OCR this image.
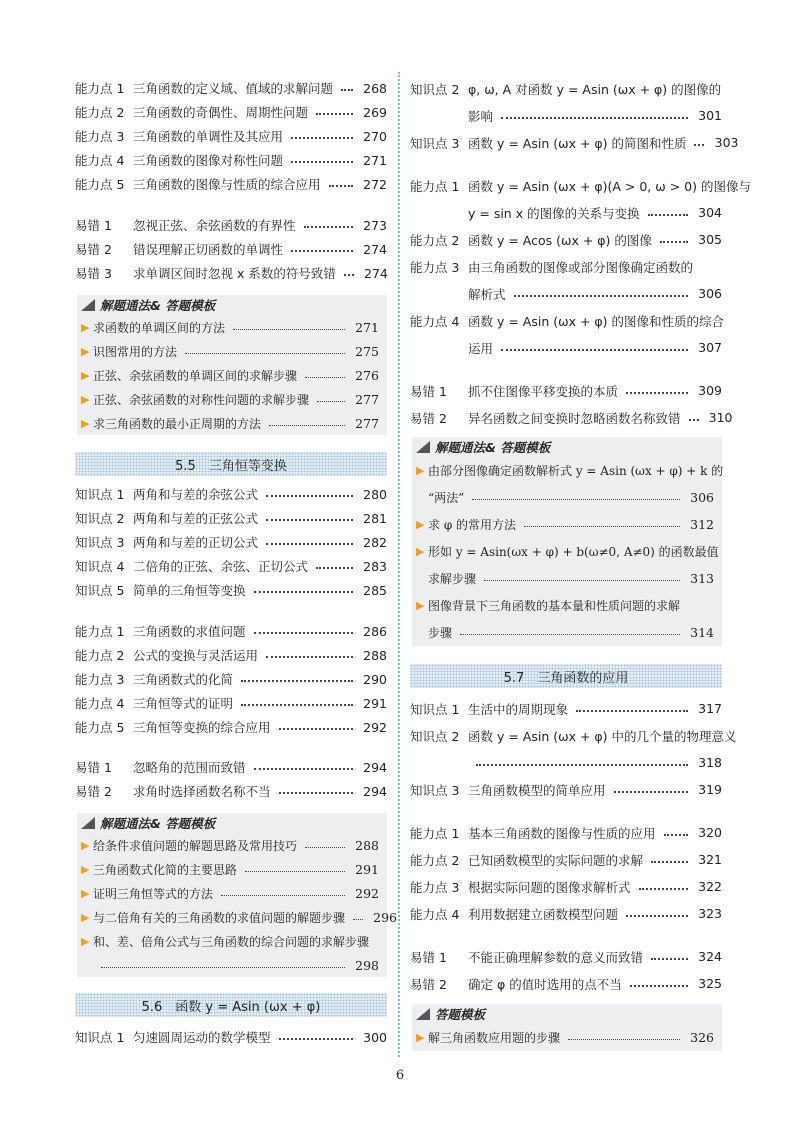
能力点 1 三角函数的定义域、值域的求解问题 268
能力点 2 三角函数的奇偶性、周期性问题	269
能力点 3 三角函数的单调性及其应用	270
能力点 4 三角函数的图像对称性问题	271
能力点 5 三角函数的图像与性质的综合应用	272
易错 1	忽视正弦、余弦函数的有界性	273
易错 2	错误理解正切函数的单调性	274
易错 3	求单调区间时忽视 x 系数的符号致错 274
解题通法& 答题模板
▶ 求函数的单调区间的方法	271
▶ 识图常用的方法	275
▶ 正弦、余弦函数的单调区间的求解步骤	276
▶ 正弦、余弦函数的对称性问题的求解步骤	277
▶ 求三角函数的最小正周期的方法	277
5.5　三角恒等变换
知识点 1 两角和与差的余弦公式	280
知识点 2 两角和与差的正弦公式	281
知识点 3 两角和与差的正切公式	282
知识点 4 二倍角的正弦、余弦、正切公式	283
知识点 5 简单的三角恒等变换	285
能力点 1 三角函数的求值问题	286
能力点 2 公式的变换与灵活运用	288
能力点 3 三角函数式的化简	290
能力点 4 三角恒等式的证明	291
能力点 5 三角恒等变换的综合应用	292
易错 1	忽略角的范围而致错	294
易错 2	求角时选择函数名称不当	294
解题通法& 答题模板
▶ 给条件求值问题的解题思路及常用技巧	288
▶ 三角函数式化简的主要思路	291
▶ 证明三角恒等式的方法	292
▶ 与二倍角有关的三角函数的求值问题的解题步骤 296
▶ 和、差、倍角公式与三角函数的综合问题的求解步骤
298
5.6　函数 y = Asin (ωx + φ)
知识点 1 匀速圆周运动的数学模型	300
知识点 2 φ, ω, A 对函数 y = Asin (ωx + φ) 的图像的
影响	301
知识点 3 函数 y = Asin (ωx + φ) 的简图和性质 303
能力点 1 函数 y = Asin (ωx + φ)(A > 0, ω > 0) 的图像与
y = sin x 的图像的关系与变换	304
能力点 2 函数 y = Acos (ωx + φ) 的图像	305
能力点 3 由三角函数的图像或部分图像确定函数的
解析式	306
能力点 4 函数 y = Asin (ωx + φ) 的图像和性质的综合
运用	307
易错 1	抓不住图像平移变换的本质	309
易错 2	异名函数之间变换时忽略函数名称致错 310
解题通法& 答题模板
▶ 由部分图像确定函数解析式 y = Asin (ωx + φ) + k 的
“两法”	306
▶ 求 φ 的常用方法	312
▶ 形如 y = Asin(ωx + φ) + b(ω≠0, A≠0) 的函数最值
求解步骤	313
▶ 图像背景下三角函数的基本量和性质问题的求解
步骤	314
5.7　三角函数的应用
知识点 1 生活中的周期现象	317
知识点 2 函数 y = Asin (ωx + φ) 中的几个量的物理意义
318
知识点 3 三角函数模型的简单应用	319
能力点 1 基本三角函数的图像与性质的应用	320
能力点 2 已知函数模型的实际问题的求解	321
能力点 3 根据实际问题的图像求解析式	322
能力点 4 利用数据建立函数模型问题	323
易错 1	不能正确理解参数的意义而致错	324
易错 2	确定 φ 的值时选用的点不当	325
答题模板
▶ 解三角函数应用题的步骤	326
6
